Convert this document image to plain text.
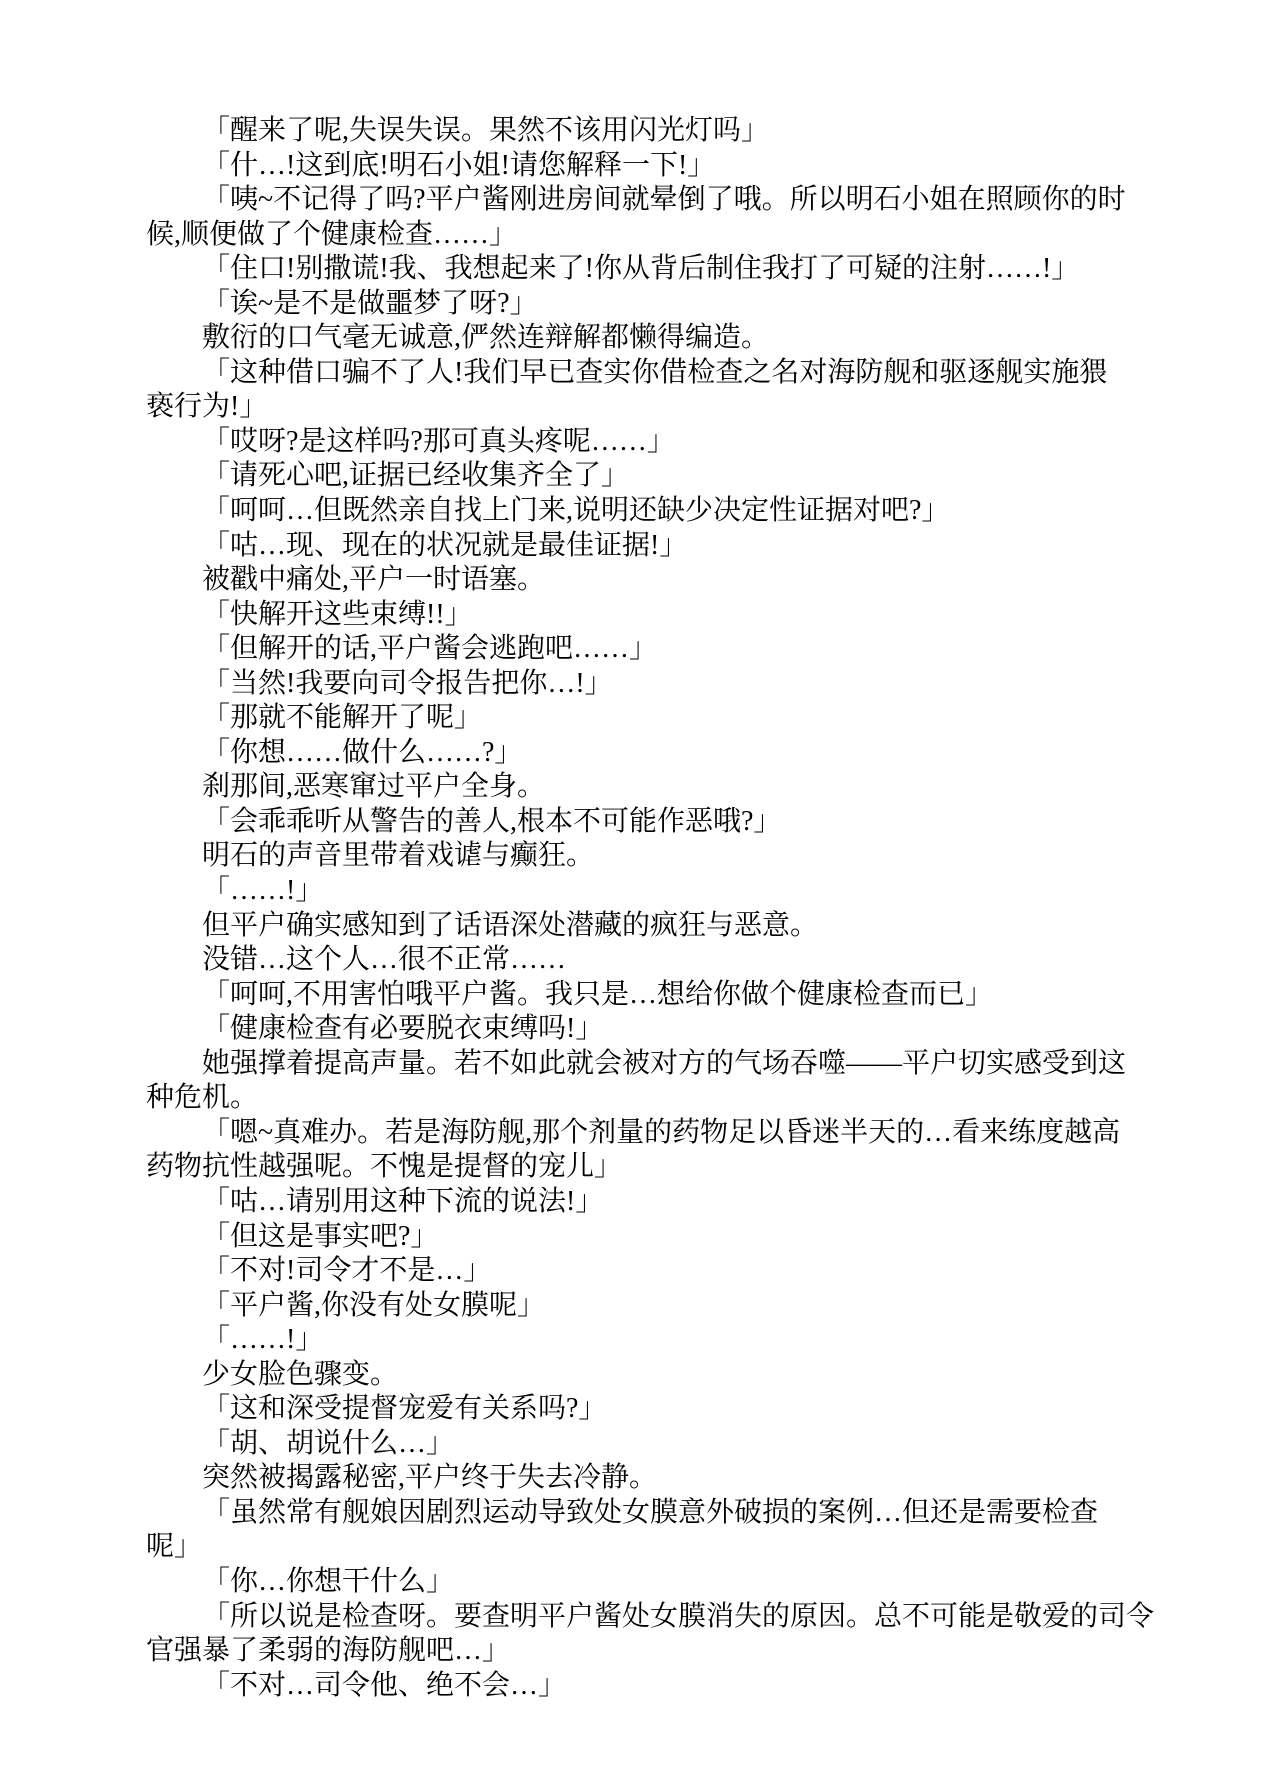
「醒来了呢,失误失误。果然不该用闪光灯吗」
「什…!这到底!明石小姐!请您解释一下!」
「咦~不记得了吗?平户酱刚进房间就晕倒了哦。所以明石小姐在照顾你的时
候,顺便做了个健康检查……」
「住口!别撒谎!我、我想起来了!你从背后制住我打了可疑的注射……!」
「诶~是不是做噩梦了呀?」
敷衍的口气毫无诚意,俨然连辩解都懒得编造。
「这种借口骗不了人!我们早已查实你借检查之名对海防舰和驱逐舰实施猥
亵行为!」
「哎呀?是这样吗?那可真头疼呢……」
「请死心吧,证据已经收集齐全了」
「呵呵…但既然亲自找上门来,说明还缺少决定性证据对吧?」
「咕…现、现在的状况就是最佳证据!」
被戳中痛处,平户一时语塞。
「快解开这些束缚!!」
「但解开的话,平户酱会逃跑吧……」
「当然!我要向司令报告把你…!」
「那就不能解开了呢」
「你想……做什么……?」
刹那间,恶寒窜过平户全身。
「会乖乖听从警告的善人,根本不可能作恶哦?」
明石的声音里带着戏谑与癫狂。
「……!」
但平户确实感知到了话语深处潜藏的疯狂与恶意。
没错…这个人…很不正常……
「呵呵,不用害怕哦平户酱。我只是…想给你做个健康检查而已」
「健康检查有必要脱衣束缚吗!」
她强撑着提高声量。若不如此就会被对方的气场吞噬——平户切实感受到这
种危机。
「嗯~真难办。若是海防舰,那个剂量的药物足以昏迷半天的…看来练度越高
药物抗性越强呢。不愧是提督的宠儿」
「咕…请别用这种下流的说法!」
「但这是事实吧?」
「不对!司令才不是…」
「平户酱,你没有处女膜呢」
「……!」
少女脸色骤变。
「这和深受提督宠爱有关系吗?」
「胡、胡说什么…」
突然被揭露秘密,平户终于失去冷静。
「虽然常有舰娘因剧烈运动导致处女膜意外破损的案例…但还是需要检查
呢」
「你…你想干什么」
「所以说是检查呀。要查明平户酱处女膜消失的原因。总不可能是敬爱的司令
官强暴了柔弱的海防舰吧…」
「不对…司令他、绝不会…」
